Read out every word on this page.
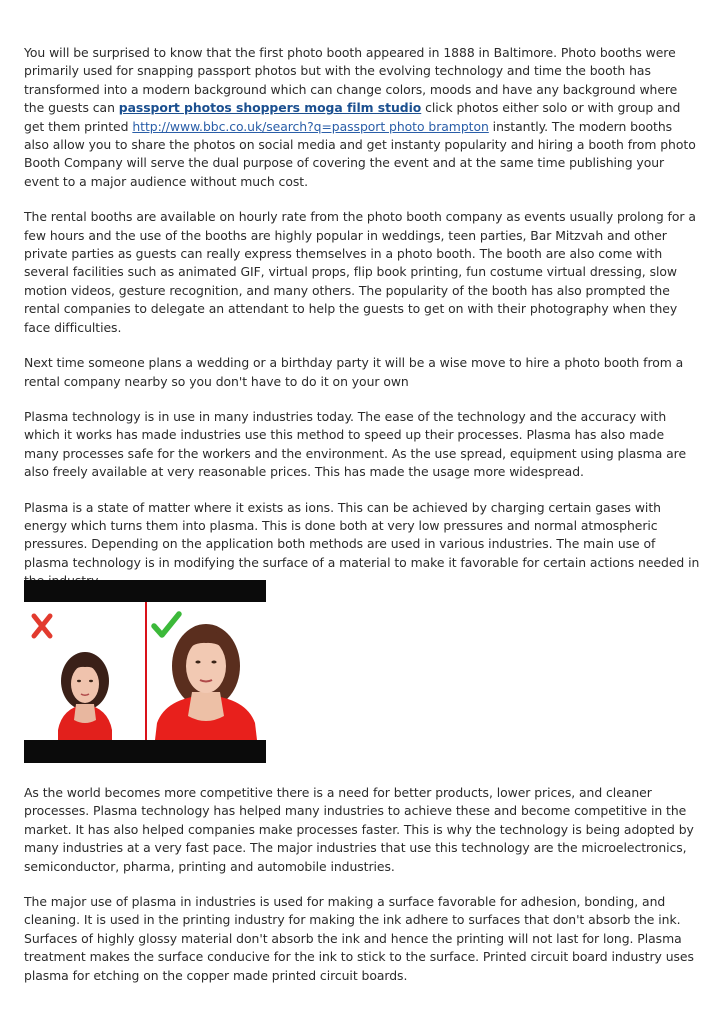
You will be surprised to know that the first photo booth appeared in 1888 in Baltimore. Photo booths were primarily used for snapping passport photos but with the evolving technology and time the booth has transformed into a modern background which can change colors, moods and have any background where the guests can passport photos shoppers moga film studio click photos either solo or with group and get them printed http://www.bbc.co.uk/search?q=passport photo brampton instantly. The modern booths also allow you to share the photos on social media and get instanty popularity and hiring a booth from photo Booth Company will serve the dual purpose of covering the event and at the same time publishing your event to a major audience without much cost.

The rental booths are available on hourly rate from the photo booth company as events usually prolong for a few hours and the use of the booths are highly popular in weddings, teen parties, Bar Mitzvah and other private parties as guests can really express themselves in a photo booth. The booth are also come with several facilities such as animated GIF, virtual props, flip book printing, fun costume virtual dressing, slow motion videos, gesture recognition, and many others. The popularity of the booth has also prompted the rental companies to delegate an attendant to help the guests to get on with their photography when they face difficulties.

Next time someone plans a wedding or a birthday party it will be a wise move to hire a photo booth from a rental company nearby so you don't have to do it on your own

Plasma technology is in use in many industries today. The ease of the technology and the accuracy with which it works has made industries use this method to speed up their processes. Plasma has also made many processes safe for the workers and the environment. As the use spread, equipment using plasma are also freely available at very reasonable prices. This has made the usage more widespread.

Plasma is a state of matter where it exists as ions. This can be achieved by charging certain gases with energy which turns them into plasma. This is done both at very low pressures and normal atmospheric pressures. Depending on the application both methods are used in various industries. The main use of plasma technology is in modifying the surface of a material to make it favorable for certain actions needed in

As the world becomes more competitive there is a need for better products, lower prices, and cleaner processes. Plasma technology has helped many industries to achieve these and become competitive in the market. It has also helped companies make processes faster. This is why the technology is being adopted by many industries at a very fast pace. The major industries that use this technology are the microelectronics, semiconductor, pharma, printing and automobile industries.

The major use of plasma in industries is used for making a surface favorable for adhesion, bonding, and cleaning. It is used in the printing industry for making the ink adhere to surfaces that don't absorb the ink. Surfaces of highly glossy material don't absorb the ink and hence the printing will not last for long. Plasma treatment makes the surface conducive for the ink to stick to the surface. Printed circuit board industry uses plasma for etching on the copper made printed circuit boards.
